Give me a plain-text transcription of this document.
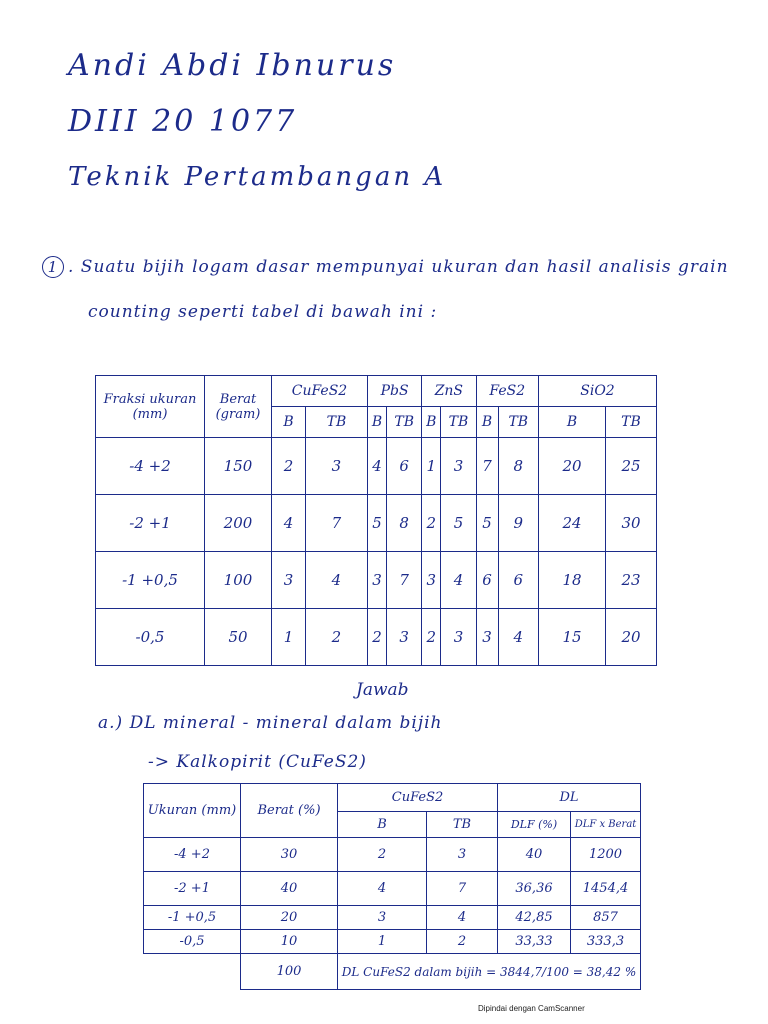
Andi Abdi Ibnurus
DIII 20 1077
Teknik Pertambangan A
1 . Suatu bijih logam dasar mempunyai ukuran dan hasil analisis grain
counting seperti tabel di bawah ini :
Fraksi ukuran (mm)	Berat (gram)	CuFeS2		PbS		ZnS		FeS2		SiO2	
		B	TB	B	TB	B	TB	B	TB	B	TB
-4 +2	150	2	3	4	6	1	3	7	8	20	25
-2 +1	200	4	7	5	8	2	5	5	9	24	30
-1 +0,5	100	3	4	3	7	3	4	6	6	18	23
-0,5	50	1	2	2	3	2	3	3	4	15	20
Jawab
a.) DL mineral - mineral dalam bijih
-> Kalkopirit (CuFeS2)
Ukuran (mm)	Berat (%)	CuFeS2		DL	
		B	TB	DLF (%)	DLF x Berat
-4 +2	30	2	3	40	1200
-2 +1	40	4	7	36,36	1454,4
-1 +0,5	20	3	4	42,85	857
-0,5	10	1	2	33,33	333,3
	100	DL CuFeS2 dalam bijih = 3844,7/100 = 38,42 %			
Dipindai dengan CamScanner
